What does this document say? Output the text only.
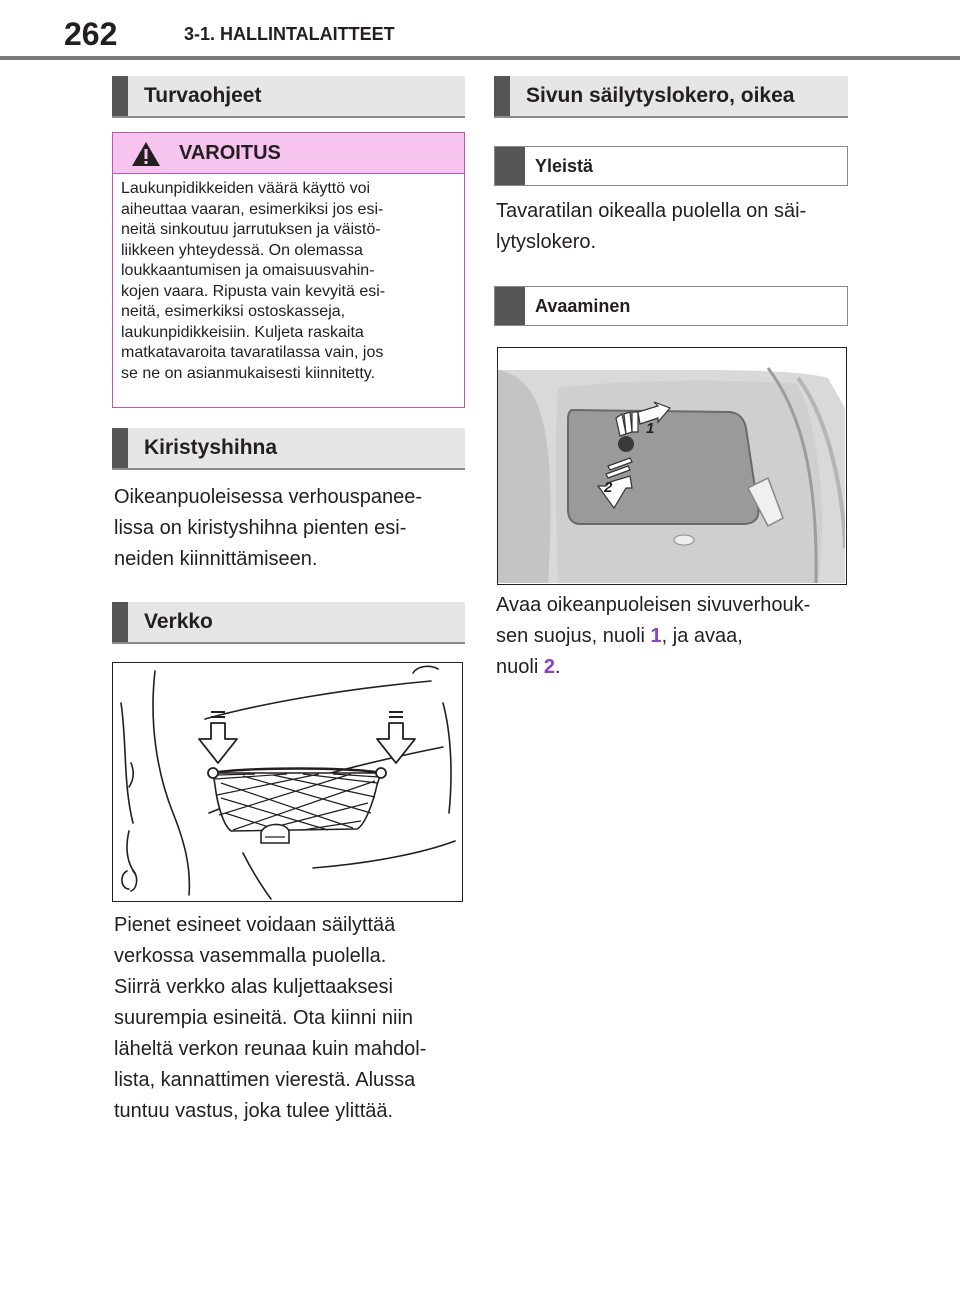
262	3-1. HALLINTALAITTEET
Turvaohjeet
VAROITUS
Laukunpidikkeiden väärä käyttö voi
aiheuttaa vaaran, esimerkiksi jos esi-
neitä sinkoutuu jarrutuksen ja väistö-
liikkeen yhteydessä. On olemassa
loukkaantumisen ja omaisuusvahin-
kojen vaara. Ripusta vain kevyitä esi-
neitä, esimerkiksi ostoskasseja,
laukunpidikkeisiin. Kuljeta raskaita
matkatavaroita tavaratilassa vain, jos
se ne on asianmukaisesti kiinnitetty.
Kiristyshihna
Oikeanpuoleisessa verhouspanee-
lissa on kiristyshihna pienten esi-
neiden kiinnittämiseen.
Verkko
Pienet esineet voidaan säilyttää
verkossa vasemmalla puolella.
Siirrä verkko alas kuljettaaksesi
suurempia esineitä. Ota kiinni niin
läheltä verkon reunaa kuin mahdol-
lista, kannattimen vierestä. Alussa
tuntuu vastus, joka tulee ylittää.
Sivun säilytyslokero, oikea
Yleistä
Tavaratilan oikealla puolella on säi-
lytyslokero.
Avaaminen
1
2
Avaa oikeanpuoleisen sivuverhouk-
sen suojus, nuoli 1, ja avaa,
nuoli 2.
